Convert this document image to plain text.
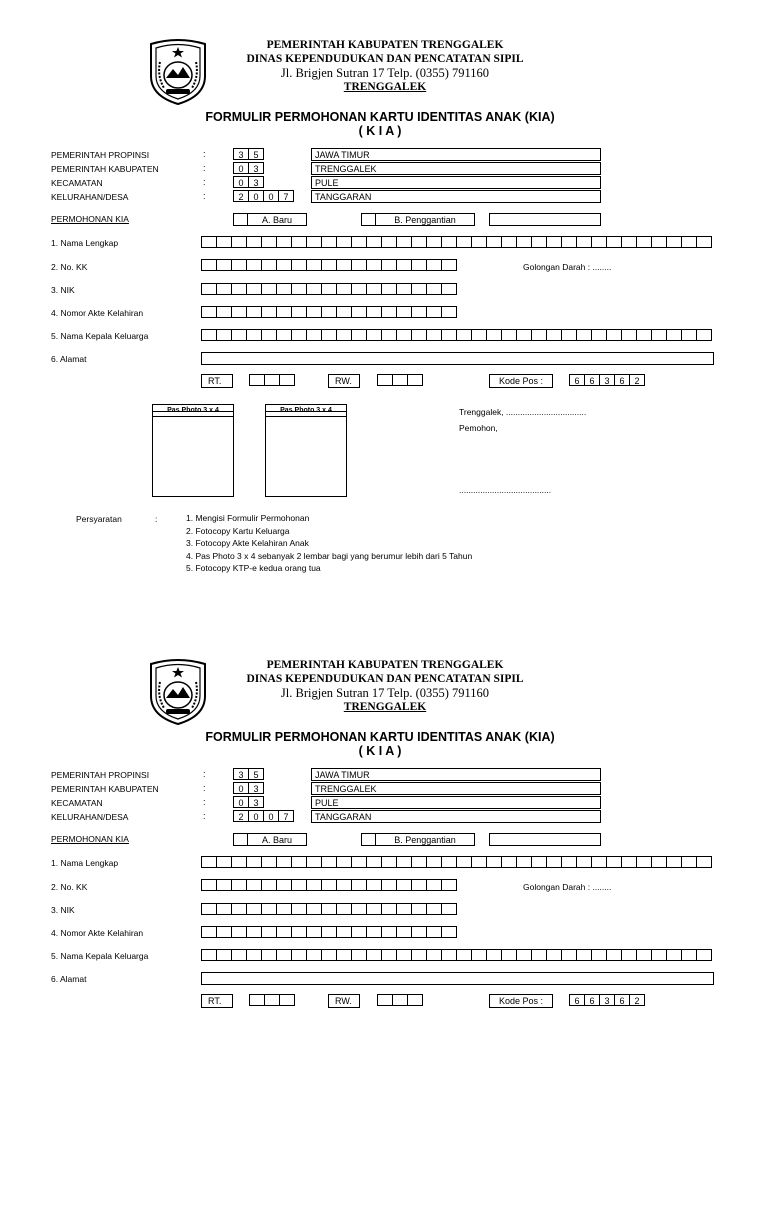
PEMERINTAH KABUPATEN TRENGGALEK
DINAS KEPENDUDUKAN DAN PENCATATAN SIPIL
Jl. Brigjen Sutran 17 Telp. (0355) 791160
TRENGGALEK
FORMULIR PERMOHONAN KARTU IDENTITAS ANAK (KIA)
( K I A )
PEMERINTAH PROPINSI	:	3	5	JAWA TIMUR
PEMERINTAH KABUPATEN	:	0	3	TRENGGALEK
KECAMATAN	:	0	3	PULE
KELURAHAN/DESA	:	2	0	0	7	TANGGARAN
PERMOHONAN KIA	A. Baru	B. Penggantian
1. Nama Lengkap
2. No. KK	Golongan Darah : ........
3. NIK
4. Nomor Akte Kelahiran
5. Nama Kepala Keluarga
6. Alamat
RT.	RW.	Kode Pos :	6	6	3	6	2
Pas Photo 3 x 4	Pas Photo 3 x 4	Trenggalek, ..................................
Pemohon,
.......................................
Persyaratan	:	1. Mengisi Formulir Permohonan
2. Fotocopy Kartu Keluarga
3. Fotocopy Akte Kelahiran Anak
4. Pas Photo 3 x 4 sebanyak 2 lembar bagi yang berumur lebih dari 5 Tahun
5. Fotocopy KTP-e kedua orang tua
PEMERINTAH KABUPATEN TRENGGALEK
DINAS KEPENDUDUKAN DAN PENCATATAN SIPIL
Jl. Brigjen Sutran 17 Telp. (0355) 791160
TRENGGALEK
FORMULIR PERMOHONAN KARTU IDENTITAS ANAK (KIA)
( K I A )
PEMERINTAH PROPINSI	:	3	5	JAWA TIMUR
PEMERINTAH KABUPATEN	:	0	3	TRENGGALEK
KECAMATAN	:	0	3	PULE
KELURAHAN/DESA	:	2	0	0	7	TANGGARAN
PERMOHONAN KIA	A. Baru	B. Penggantian
1. Nama Lengkap
2. No. KK	Golongan Darah : ........
3. NIK
4. Nomor Akte Kelahiran
5. Nama Kepala Keluarga
6. Alamat
RT.	RW.	Kode Pos :	6	6	3	6	2
